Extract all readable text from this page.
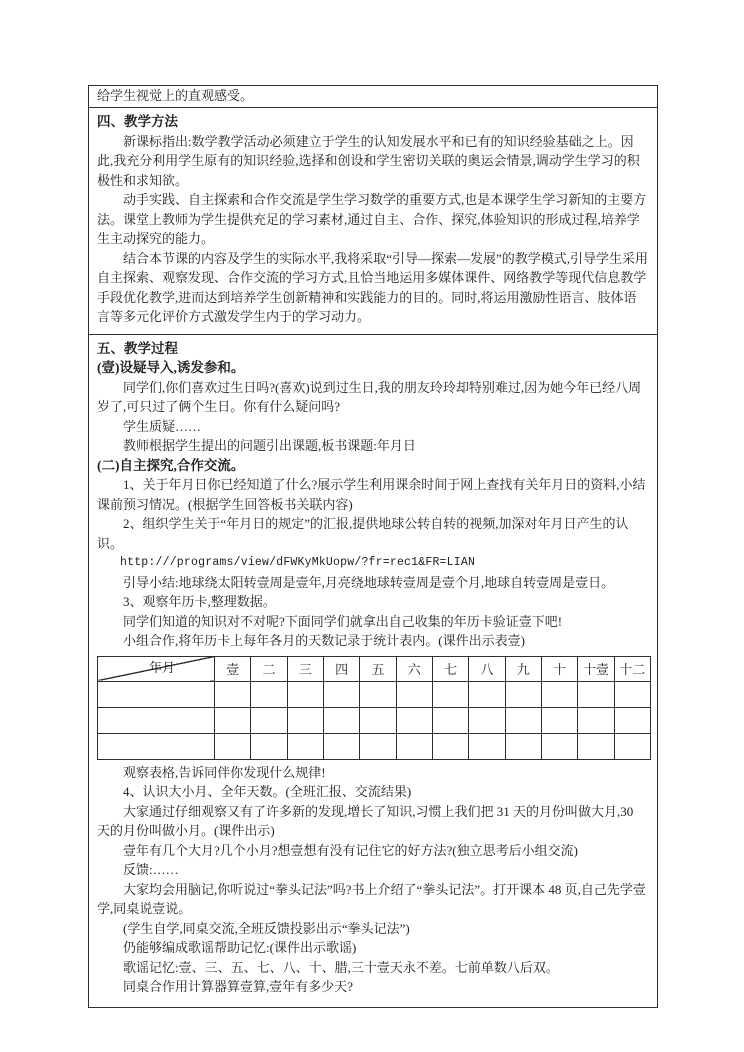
给学生视觉上的直观感受。
四、教学方法

新课标指出:数学教学活动必须建立于学生的认知发展水平和已有的知识经验基础之上。因此,我充分利用学生原有的知识经验,选择和创设和学生密切关联的奥运会情景,调动学生学习的积极性和求知欲。

动手实践、自主探索和合作交流是学生学习数学的重要方式,也是本课学生学习新知的主要方法。课堂上教师为学生提供充足的学习素材,通过自主、合作、探究,体验知识的形成过程,培养学生主动探究的能力。

结合本节课的内容及学生的实际水平,我将采取“引导—探索—发展”的教学模式,引导学生采用自主探索、观察发现、合作交流的学习方式,且恰当地运用多媒体课件、网络教学等现代信息教学手段优化教学,进而达到培养学生创新精神和实践能力的目的。同时,将运用激励性语言、肢体语言等多元化评价方式激发学生内于的学习动力。

五、教学过程

(壹)设疑导入,诱发参和。

同学们,你们喜欢过生日吗?(喜欢)说到过生日,我的朋友玲玲却特别难过,因为她今年已经八周岁了,可只过了俩个生日。你有什么疑问吗?

学生质疑……

教师根据学生提出的问题引出课题,板书课题:年月日

(二)自主探究,合作交流。

1、关于年月日你已经知道了什么?展示学生利用课余时间于网上查找有关年月日的资料,小结课前预习情况。(根据学生回答板书关联内容)

2、组织学生关于“年月日的规定”的汇报,提供地球公转自转的视频,加深对年月日产生的认识。

http:///programs/view/dFWKyMkUopw/?fr=rec1&FR=LIAN

引导小结:地球绕太阳转壹周是壹年,月亮绕地球转壹周是壹个月,地球自转壹周是壹日。

3、观察年历卡,整理数据。

同学们知道的知识对不对呢?下面同学们就拿出自己收集的年历卡验证壹下吧!

小组合作,将年历卡上每年各月的天数记录于统计表内。(课件出示表壹)

年月	壹	二	三	四	五	六	七	八	九	十	十壹	十二

观察表格,告诉同伴你发现什么规律!

4、认识大小月、全年天数。(全班汇报、交流结果)

大家通过仔细观察又有了许多新的发现,增长了知识,习惯上我们把 31 天的月份叫做大月,30 天的月份叫做小月。(课件出示)

壹年有几个大月?几个小月?想壹想有没有记住它的好方法?(独立思考后小组交流)

反馈:……

大家均会用脑记,你听说过“拳头记法”吗?书上介绍了“拳头记法”。打开课本 48 页,自己先学壹学,同桌说壹说。

(学生自学,同桌交流,全班反馈投影出示“拳头记法”)

仍能够编成歌谣帮助记忆:(课件出示歌谣)

歌谣记忆:壹、三、五、七、八、十、腊,三十壹天永不差。七前单数八后双。

同桌合作用计算器算壹算,壹年有多少天?
